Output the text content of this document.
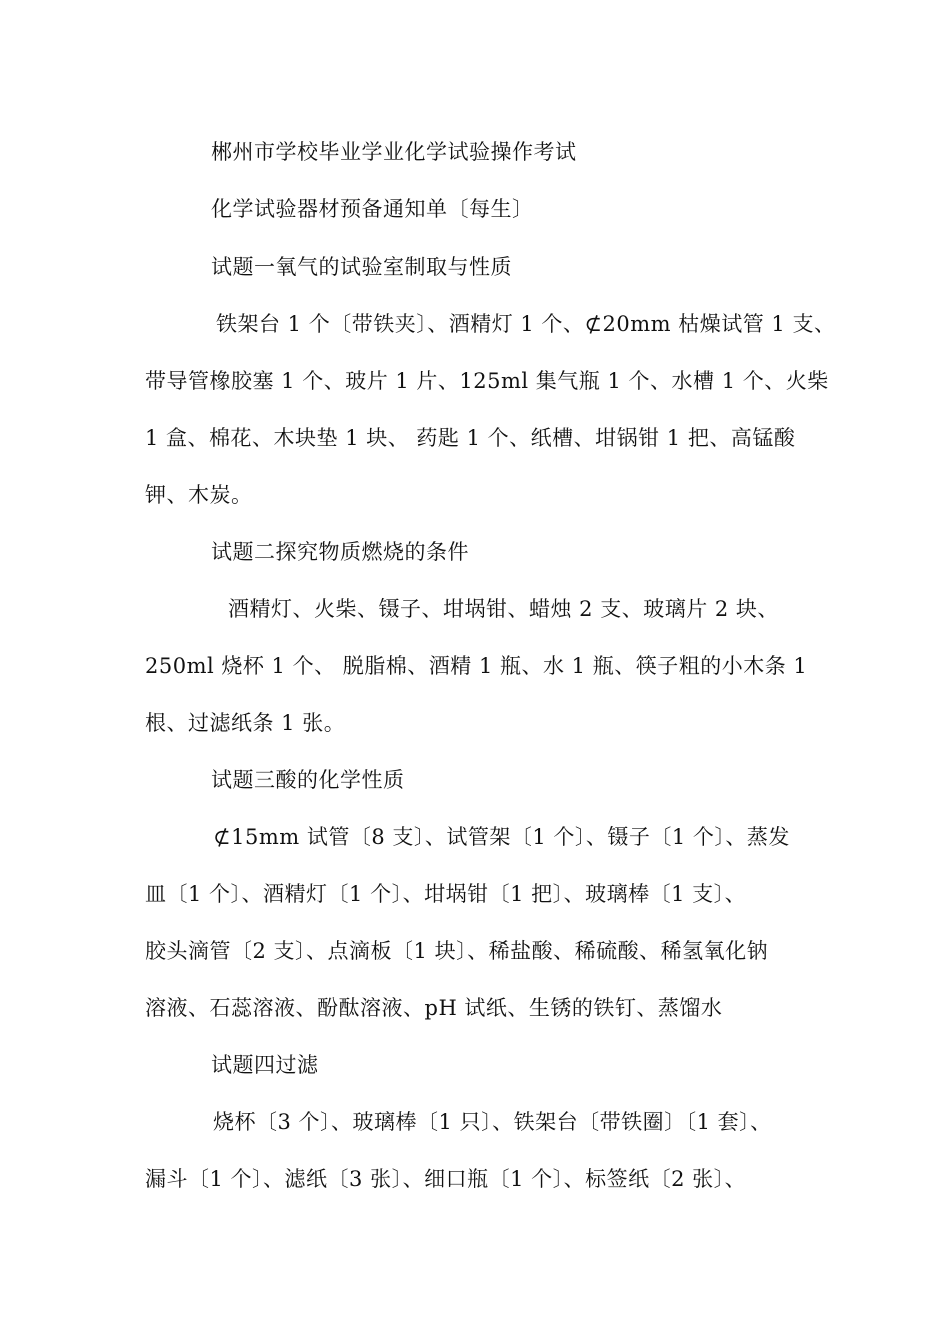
郴州市学校毕业学业化学试验操作考试
化学试验器材预备通知单〔每生〕
试题一氧气的试验室制取与性质
铁架台 1 个〔带铁夹〕、酒精灯 1 个、⊄20mm 枯燥试管 1 支、
带导管橡胶塞 1 个、玻片 1 片、125ml 集气瓶 1 个、水槽 1 个、火柴
1 盒、棉花、木块垫 1 块、 药匙 1 个、纸槽、坩锅钳 1 把、高锰酸
钾、木炭。
试题二探究物质燃烧的条件
酒精灯、火柴、镊子、坩埚钳、蜡烛 2 支、玻璃片 2 块、
250ml 烧杯 1 个、 脱脂棉、酒精 1 瓶、水 1 瓶、筷子粗的小木条 1
根、过滤纸条 1 张。
试题三酸的化学性质
⊄15mm 试管〔8 支〕、试管架〔1 个〕、镊子〔1 个〕、蒸发
皿〔1 个〕、酒精灯〔1 个〕、坩埚钳〔1 把〕、玻璃棒〔1 支〕、
胶头滴管〔2 支〕、点滴板〔1 块〕、稀盐酸、稀硫酸、稀氢氧化钠
溶液、石蕊溶液、酚酞溶液、pH 试纸、生锈的铁钉、蒸馏水
试题四过滤
烧杯〔3 个〕、玻璃棒〔1 只〕、铁架台〔带铁圈〕〔1 套〕、
漏斗〔1 个〕、滤纸〔3 张〕、细口瓶〔1 个〕、标签纸〔2 张〕、
